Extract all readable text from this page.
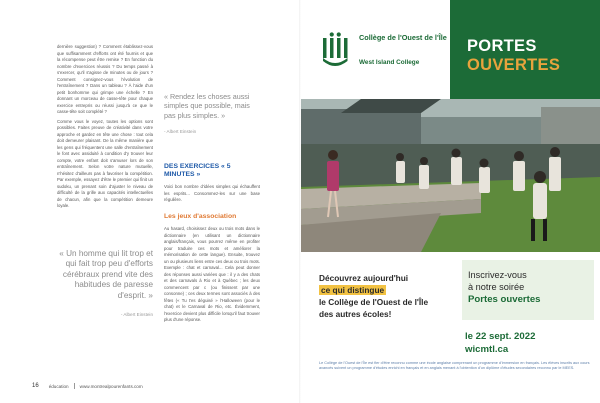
dernière suggestion) ? Comment établissez-vous que suffisamment d'efforts ont été fournis et que la récompense peut être remise ? En fonction du nombre d'exercices réussis ? Du temps passé à s'exercer, qu'il s'agisse de minutes ou de jours ? Comment consignez-vous l'évolution de l'entraînement ? Dans un tableau ? À l'aide d'un petit bonhomme qui grimpe une échelle ? En donnant un morceau de casse-tête pour chaque exercice entrepris ou réussi jusqu'à ce que le casse-tête soit complété ?

Comme vous le voyez, toutes les options sont possibles. Faites preuve de créativité dans votre approche et gardez en tête une chose : tout cela doit demeurer plaisant. De la même manière que les gens qui fréquentent une salle d'entraînement le font avec assiduité à condition d'y trouver leur compte, votre enfant doit s'amuser lors de son entraînement. Selon votre nature mutuelle, n'hésitez d'ailleurs pas à favoriser la compétition. Par exemple, essayez d'être le premier qui finit un sudoku, un prenant soin d'ajuster le niveau de difficulté de la grille aux capacités intellectuelles de chacun, afin que la compétition demeure loyale.

« Un homme qui lit trop et qui fait trop peu d'efforts cérébraux prend vite des habitudes de paresse d'esprit. »
- Albert Einstein
« Rendez les choses aussi simples que possible, mais pas plus simples. »
- Albert Einstein
DES EXERCICES « 5 MINUTES »

Voici bon nombre d'idées simples qui échauffent les esprits... Consommez-les sur une base régulière.

Les jeux d'association

Au hasard, choisissez deux ou trois mots dans le dictionnaire (en utilisant un dictionnaire anglais/français, vous pourrez même en profiter pour traduire ces mots et améliorer la mémorisation de cette langue). Ensuite, trouvez un ou plusieurs liens entre ces deux ou trois mots. Exemple : chat et carnaval... Cela peut donner des réponses aussi variées que : il y a des chats et des carnavals à Rio et à Québec ; les deux commencent par c (ou finissent par une consonne) ; ces deux termes sont associés à des fêtes (« Tu t'es déguisé » l'Halloween (pour le chat) et le Carnaval de Rio, etc. Évidemment, l'exercice devient plus difficile lorsqu'il faut trouver plus d'une réponse.

16 éducation www.montrealpourenfants.com
Collège de l'Ouest de l'Île
West Island College
PORTES
OUVERTES
Découvrez aujourd'hui
ce qui distingue
le Collège de l'Ouest de l'Île
des autres écoles!
Inscrivez-vous
à notre soirée
Portes ouvertes
le 22 sept. 2022
wicmtl.ca
Le Collège de l'Ouest de l'Île est fier d'être reconnu comme une école anglaise comprenant un programme d'immersion en français. Les élèves inscrits aux cours avancés suivent un programme d'études enrichi en français et en anglais menant à l'obtention d'un diplôme d'études secondaires reconnu par le MEES.
